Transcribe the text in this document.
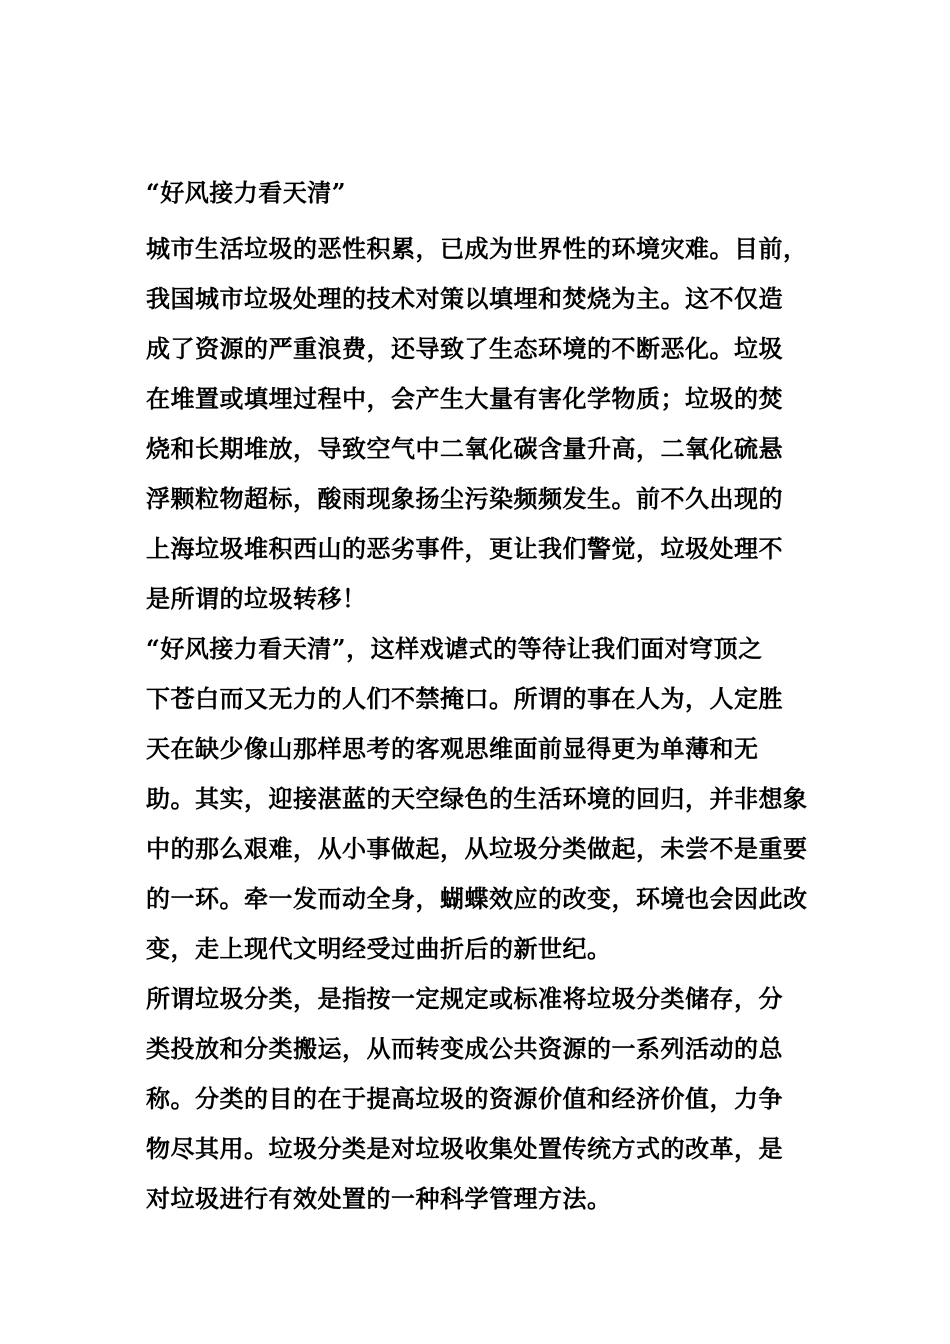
“好风接力看天清”
城市生活垃圾的恶性积累，已成为世界性的环境灾难。目前，
我国城市垃圾处理的技术对策以填埋和焚烧为主。这不仅造
成了资源的严重浪费，还导致了生态环境的不断恶化。垃圾
在堆置或填埋过程中，会产生大量有害化学物质；垃圾的焚
烧和长期堆放，导致空气中二氧化碳含量升高，二氧化硫悬
浮颗粒物超标，酸雨现象扬尘污染频频发生。前不久出现的
上海垃圾堆积西山的恶劣事件，更让我们警觉，垃圾处理不
是所谓的垃圾转移！
“好风接力看天清”，这样戏谑式的等待让我们面对穹顶之
下苍白而又无力的人们不禁掩口。所谓的事在人为，人定胜
天在缺少像山那样思考的客观思维面前显得更为单薄和无
助。其实，迎接湛蓝的天空绿色的生活环境的回归，并非想象
中的那么艰难，从小事做起，从垃圾分类做起，未尝不是重要
的一环。牵一发而动全身，蝴蝶效应的改变，环境也会因此改
变，走上现代文明经受过曲折后的新世纪。
所谓垃圾分类，是指按一定规定或标准将垃圾分类储存，分
类投放和分类搬运，从而转变成公共资源的一系列活动的总
称。分类的目的在于提高垃圾的资源价值和经济价值，力争
物尽其用。垃圾分类是对垃圾收集处置传统方式的改革，是
对垃圾进行有效处置的一种科学管理方法。
